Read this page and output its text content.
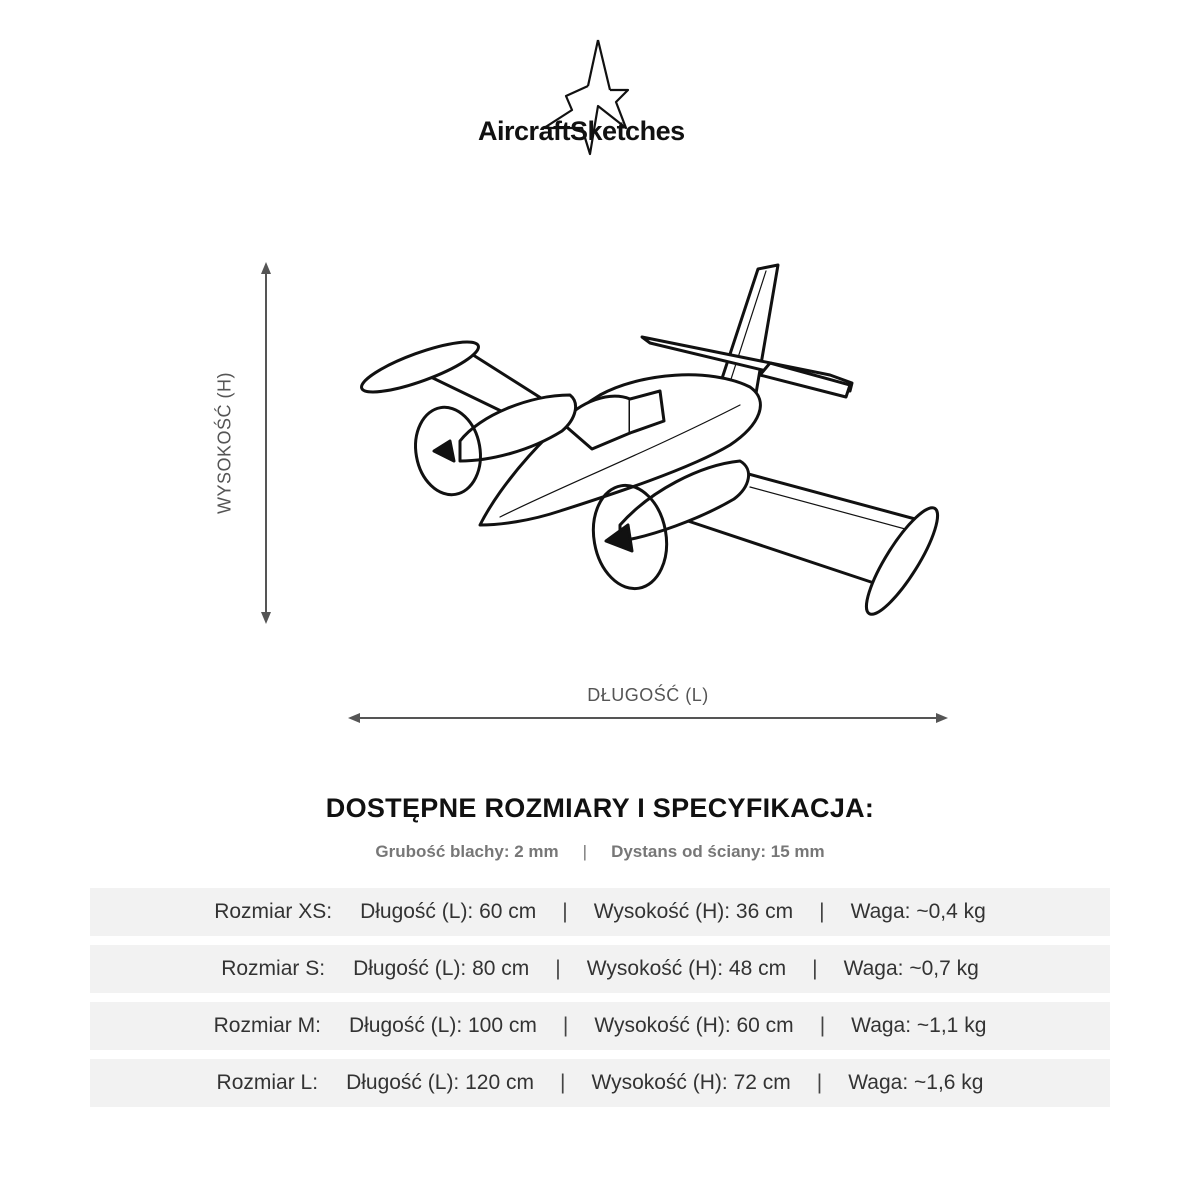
AircraftSketches
WYSOKOŚĆ (H)
DŁUGOŚĆ (L)
DOSTĘPNE ROZMIARY I SPECYFIKACJA:
Grubość blachy: 2 mm | Dystans od ściany: 15 mm
Rozmiar XS: Długość (L): 60 cm | Wysokość (H): 36 cm | Waga: ~0,4 kg
Rozmiar S: Długość (L): 80 cm | Wysokość (H): 48 cm | Waga: ~0,7 kg
Rozmiar M: Długość (L): 100 cm | Wysokość (H): 60 cm | Waga: ~1,1 kg
Rozmiar L: Długość (L): 120 cm | Wysokość (H): 72 cm | Waga: ~1,6 kg
